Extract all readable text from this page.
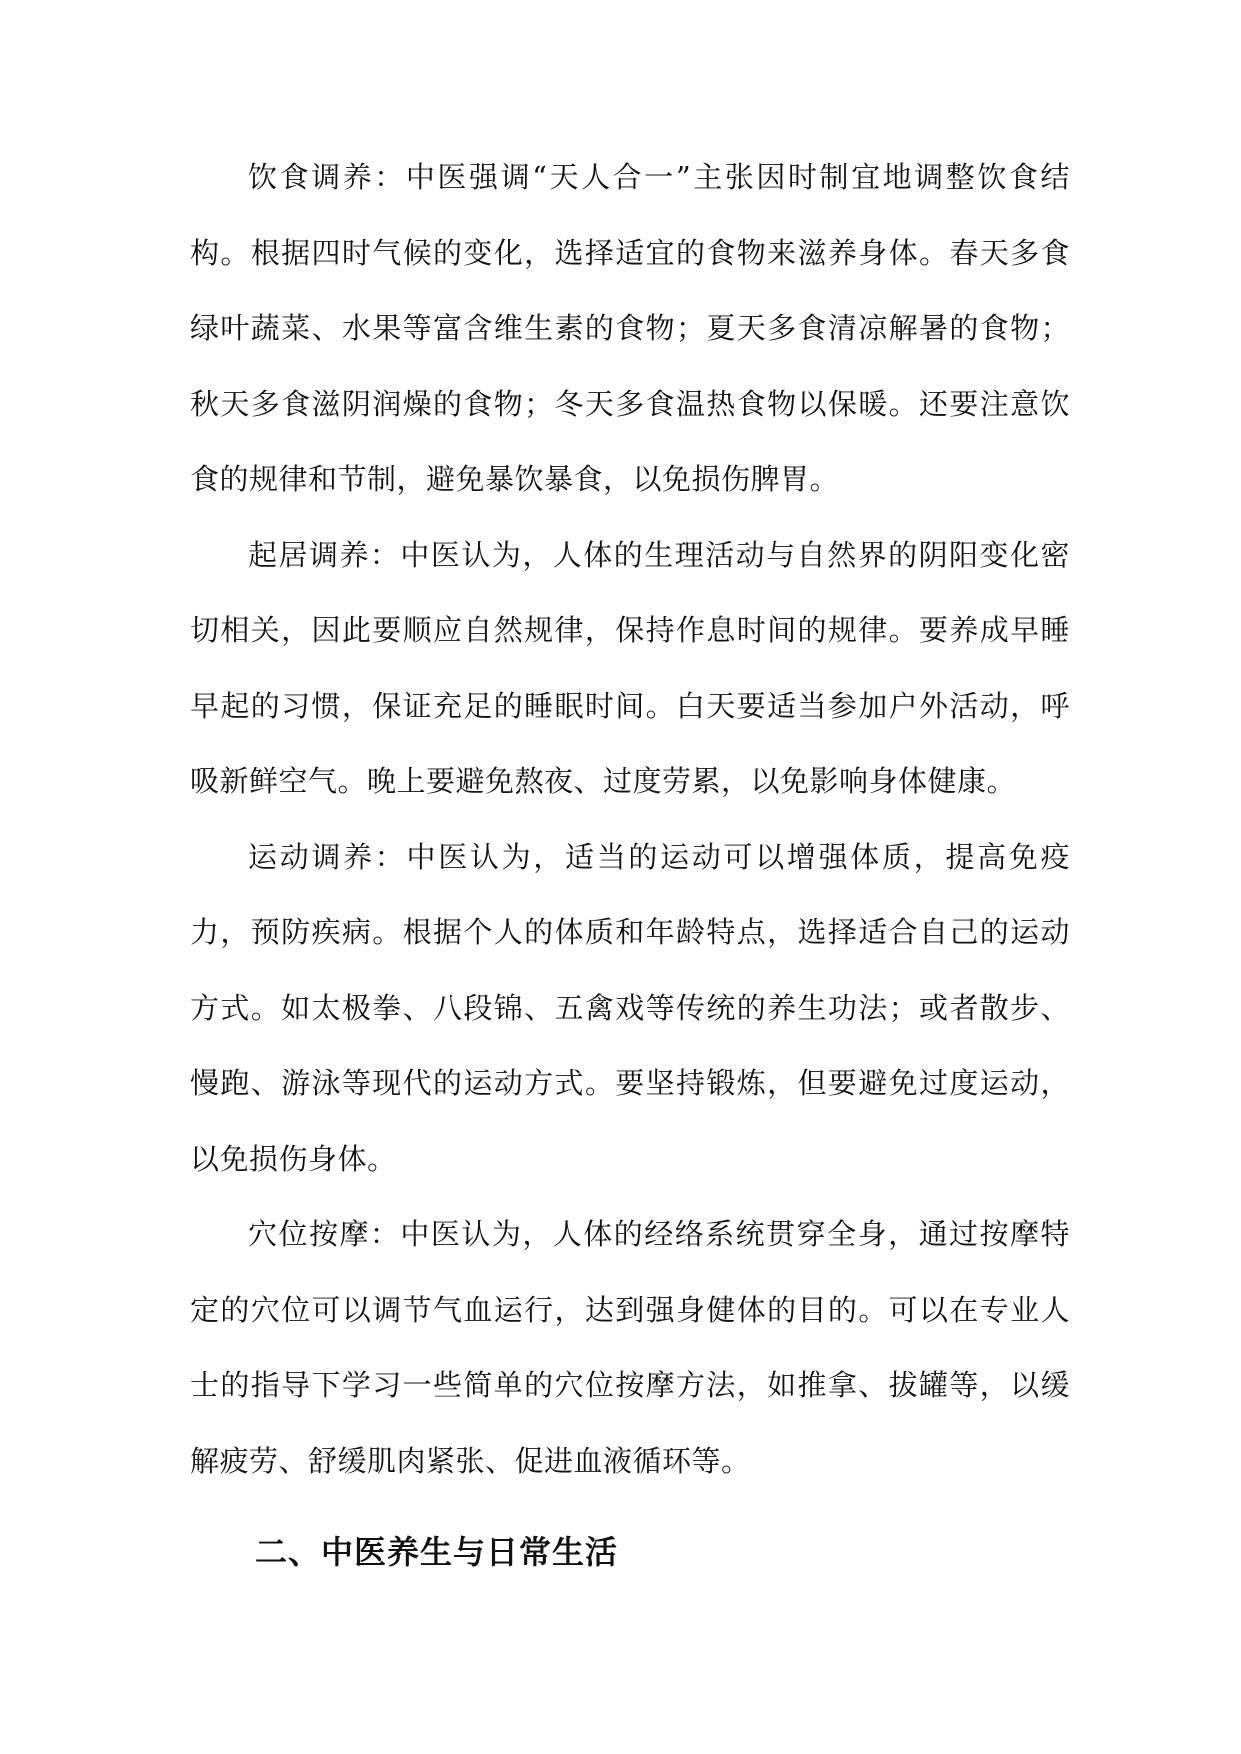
饮食调养：中医强调“天人合一”主张因时制宜地调整饮食结构。根据四时气候的变化，选择适宜的食物来滋养身体。春天多食绿叶蔬菜、水果等富含维生素的食物；夏天多食清凉解暑的食物；秋天多食滋阴润燥的食物；冬天多食温热食物以保暖。还要注意饮食的规律和节制，避免暴饮暴食，以免损伤脾胃。

起居调养：中医认为，人体的生理活动与自然界的阴阳变化密切相关，因此要顺应自然规律，保持作息时间的规律。要养成早睡早起的习惯，保证充足的睡眠时间。白天要适当参加户外活动，呼吸新鲜空气。晚上要避免熬夜、过度劳累，以免影响身体健康。

运动调养：中医认为，适当的运动可以增强体质，提高免疫力，预防疾病。根据个人的体质和年龄特点，选择适合自己的运动方式。如太极拳、八段锦、五禽戏等传统的养生功法；或者散步、慢跑、游泳等现代的运动方式。要坚持锻炼，但要避免过度运动，以免损伤身体。

穴位按摩：中医认为，人体的经络系统贯穿全身，通过按摩特定的穴位可以调节气血运行，达到强身健体的目的。可以在专业人士的指导下学习一些简单的穴位按摩方法，如推拿、拔罐等，以缓解疲劳、舒缓肌肉紧张、促进血液循环等。

二、中医养生与日常生活
